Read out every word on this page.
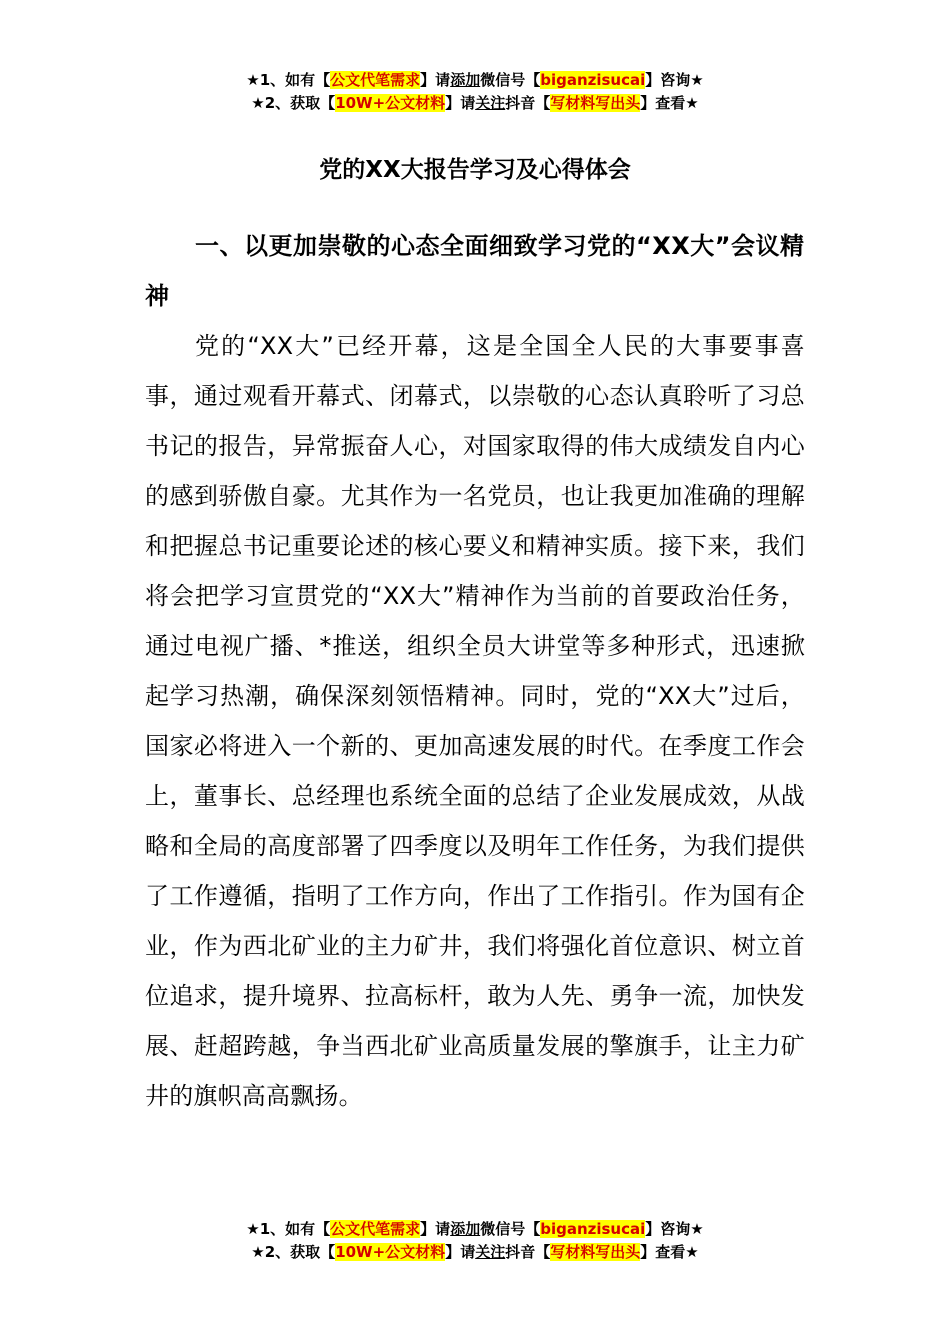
★1、如有【公文代笔需求】请添加微信号【biganzisucai】咨询★
★2、获取【10W+公文材料】请关注抖音【写材料写出头】查看★
党的XX大报告学习及心得体会

一、以更加崇敬的心态全面细致学习党的“XX大”会议精神

党的“XX大”已经开幕，这是全国全人民的大事要事喜事，通过观看开幕式、闭幕式，以崇敬的心态认真聆听了习总书记的报告，异常振奋人心，对国家取得的伟大成绩发自内心的感到骄傲自豪。尤其作为一名党员，也让我更加准确的理解和把握总书记重要论述的核心要义和精神实质。接下来，我们将会把学习宣贯党的“XX大”精神作为当前的首要政治任务，通过电视广播、*推送，组织全员大讲堂等多种形式，迅速掀起学习热潮，确保深刻领悟精神。同时，党的“XX大”过后，国家必将进入一个新的、更加高速发展的时代。在季度工作会上，董事长、总经理也系统全面的总结了企业发展成效，从战略和全局的高度部署了四季度以及明年工作任务，为我们提供了工作遵循，指明了工作方向，作出了工作指引。作为国有企业，作为西北矿业的主力矿井，我们将强化首位意识、树立首位追求，提升境界、拉高标杆，敢为人先、勇争一流，加快发展、赶超跨越，争当西北矿业高质量发展的擎旗手，让主力矿井的旗帜高高飘扬。

★1、如有【公文代笔需求】请添加微信号【biganzisucai】咨询★
★2、获取【10W+公文材料】请关注抖音【写材料写出头】查看★
